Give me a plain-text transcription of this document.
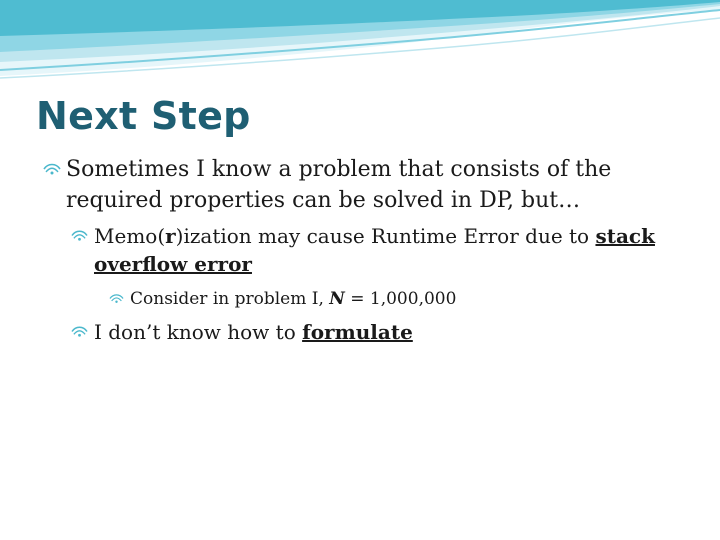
Next Step
Sometimes I know a problem that consists of the required properties can be solved in DP, but…
Memo(r)ization may cause Runtime Error due to stack overflow error
Consider in problem I, N = 1,000,000
I don’t know how to formulate
